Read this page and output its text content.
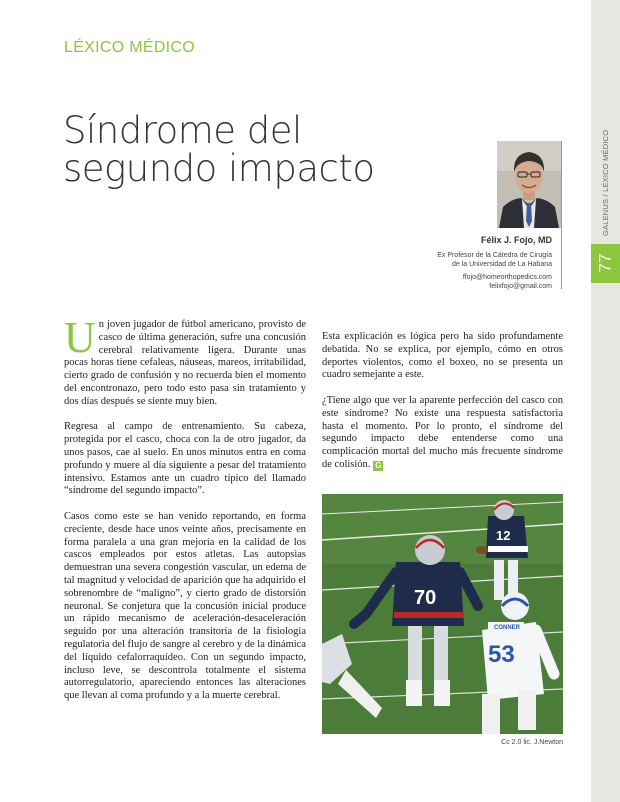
GALENUS / LÉXICO MÉDICO
77
LÉXICO MÉDICO
Síndrome del
segundo impacto
Félix J. Fojo, MD
Ex Profesor de la Cátedra de Cirugía
de la Universidad de La Habana
ffojo@homeorthopedics.com
felixfojo@gmail.com

Un joven jugador de fútbol americano, provisto de casco de última generación, sufre una concusión cerebral relativamente ligera. Durante unas pocas horas tiene cefaleas, náuseas, mareos, irritabilidad, cierto grado de confusión y no recuerda bien el momento del encontronazo, pero todo esto pasa sin tratamiento y dos días después se siente muy bien.

Regresa al campo de entrenamiento. Su cabeza, protegida por el casco, choca con la de otro jugador, da unos pasos, cae al suelo. En unos minutos entra en coma profundo y muere al día siguiente a pesar del tratamiento intensivo. Estamos ante un cuadro típico del llamado “síndrome del segundo impacto”.

Casos como este se han venido reportando, en forma creciente, desde hace unos veinte años, precisamente en forma paralela a una gran mejoría en la calidad de los cascos empleados por estos atletas. Las autopsias demuestran una severa congestión vascular, un edema de tal magnitud y velocidad de aparición que ha adquirido el sobrenombre de “maligno”, y cierto grado de distorsión neuronal. Se conjetura que la concusión inicial produce un rápido mecanismo de aceleración-desaceleración seguido por una alteración transitoria de la fisiología regulatoria del flujo de sangre al cerebro y de la dinámica del líquido cefalorraquídeo. Con un segundo impacto, incluso leve, se descontrola totalmente el sistema autorregulatorio, apareciendo entonces las alteraciones que llevan al coma profundo y a la muerte cerebral.

Esta explicación es lógica pero ha sido profundamente debatida. No se explica, por ejemplo, cómo en otros deportes violentos, como el boxeo, no se presenta un cuadro semejante a este.

¿Tiene algo que ver la aparente perfección del casco con este síndrome? No existe una respuesta satisfactoria hasta el momento. Por lo pronto, el síndrome del segundo impacto debe entenderse como una complicación mortal del mucho más frecuente síndrome de colisión. G

12
70
CONNER
53
Cc 2.0 lic. J.Newton
